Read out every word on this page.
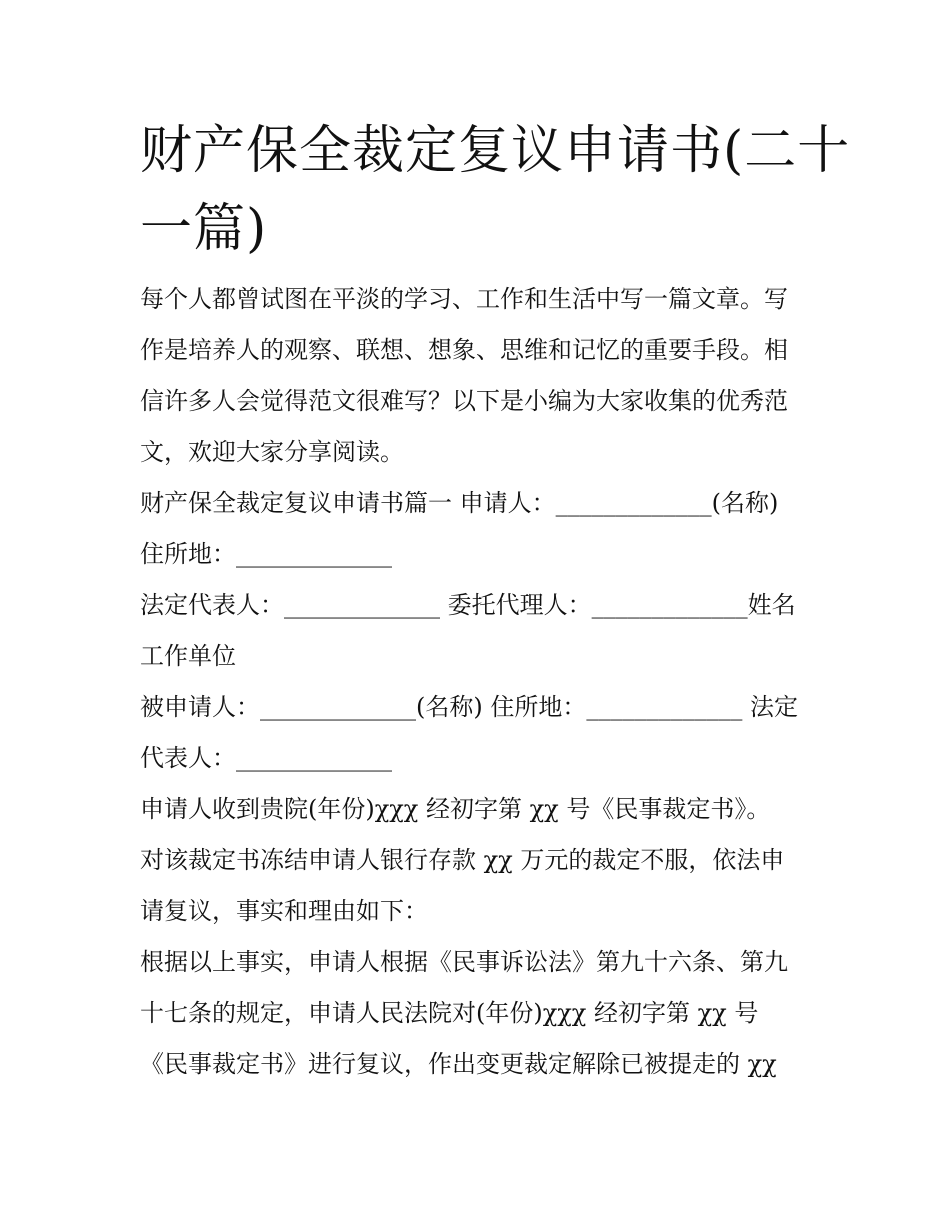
财产保全裁定复议申请书(二十
一篇)
每个人都曾试图在平淡的学习、工作和生活中写一篇文章。写
作是培养人的观察、联想、想象、思维和记忆的重要手段。相
信许多人会觉得范文很难写？以下是小编为大家收集的优秀范
文，欢迎大家分享阅读。
财产保全裁定复议申请书篇一 申请人：_____________(名称)
住所地：_____________
法定代表人：_____________ 委托代理人：_____________姓名
工作单位
被申请人：_____________(名称) 住所地：_____________ 法定
代表人：_____________
申请人收到贵院(年份)χχχ 经初字第 χχ 号《民事裁定书》。
对该裁定书冻结申请人银行存款 χχ 万元的裁定不服，依法申
请复议，事实和理由如下：
根据以上事实，申请人根据《民事诉讼法》第九十六条、第九
十七条的规定，申请人民法院对(年份)χχχ 经初字第 χχ 号
《民事裁定书》进行复议，作出变更裁定解除已被提走的 χχ
